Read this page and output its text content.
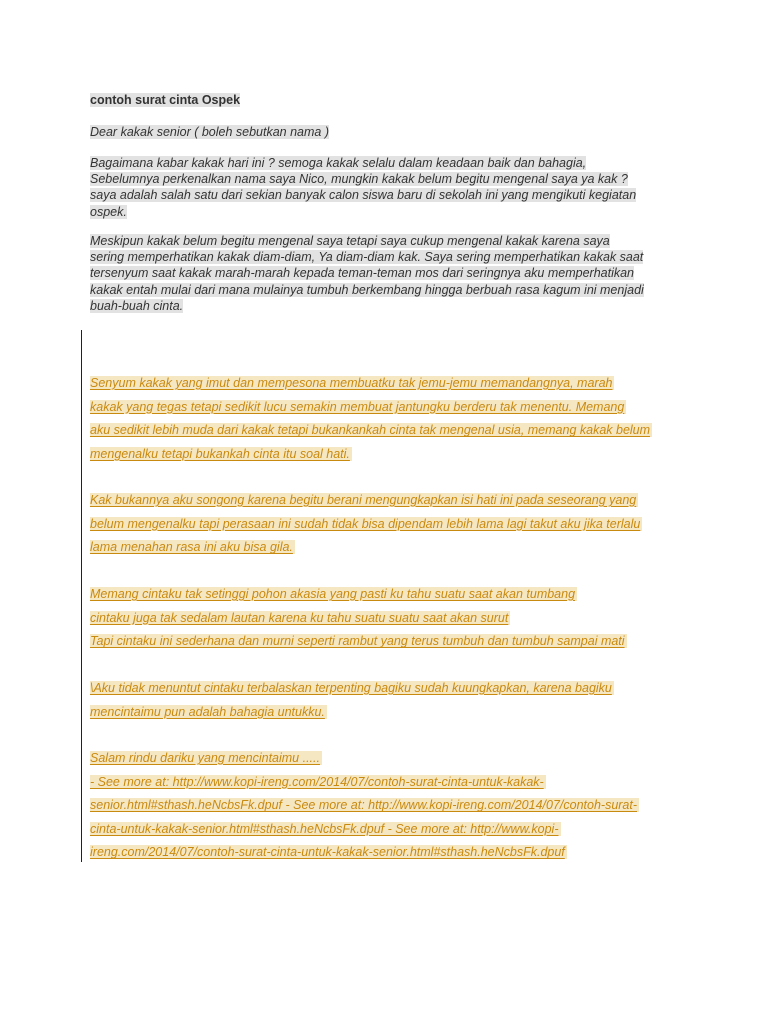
contoh surat cinta Ospek
Dear kakak senior ( boleh sebutkan nama )
Bagaimana kabar kakak hari ini ? semoga kakak selalu dalam keadaan baik dan bahagia,
Sebelumnya perkenalkan nama saya Nico, mungkin kakak belum begitu mengenal saya ya kak ?
saya adalah salah satu dari sekian banyak calon siswa baru di sekolah ini yang mengikuti kegiatan
ospek.
Meskipun kakak belum begitu mengenal saya tetapi saya cukup mengenal kakak karena saya
sering memperhatikan kakak diam-diam, Ya diam-diam kak. Saya sering memperhatikan kakak saat
tersenyum saat kakak marah-marah kepada teman-teman mos dari seringnya aku memperhatikan
kakak entah mulai dari mana mulainya tumbuh berkembang hingga berbuah rasa kagum ini menjadi
buah-buah cinta.
Senyum kakak yang imut dan mempesona membuatku tak jemu-jemu memandangnya, marah
kakak yang tegas tetapi sedikit lucu semakin membuat jantungku berderu tak menentu. Memang
aku sedikit lebih muda dari kakak tetapi bukankankah cinta tak mengenal usia, memang kakak belum
mengenalku tetapi bukankah cinta itu soal hati.
Kak bukannya aku songong karena begitu berani mengungkapkan isi hati ini pada seseorang yang
belum mengenalku tapi perasaan ini sudah tidak bisa dipendam lebih lama lagi takut aku jika terlalu
lama menahan rasa ini aku bisa gila.
Memang cintaku tak setinggi pohon akasia yang pasti ku tahu suatu saat akan tumbang
cintaku juga tak sedalam lautan karena ku tahu suatu suatu saat akan surut
Tapi cintaku ini sederhana dan murni seperti rambut yang terus tumbuh dan tumbuh sampai mati
\Aku tidak menuntut cintaku terbalaskan terpenting bagiku sudah kuungkapkan, karena bagiku
mencintaimu pun adalah bahagia untukku.
Salam rindu dariku yang mencintaimu .....
- See more at: http://www.kopi-ireng.com/2014/07/contoh-surat-cinta-untuk-kakak-
senior.html#sthash.heNcbsFk.dpuf - See more at: http://www.kopi-ireng.com/2014/07/contoh-surat-
cinta-untuk-kakak-senior.html#sthash.heNcbsFk.dpuf - See more at: http://www.kopi-
ireng.com/2014/07/contoh-surat-cinta-untuk-kakak-senior.html#sthash.heNcbsFk.dpuf
